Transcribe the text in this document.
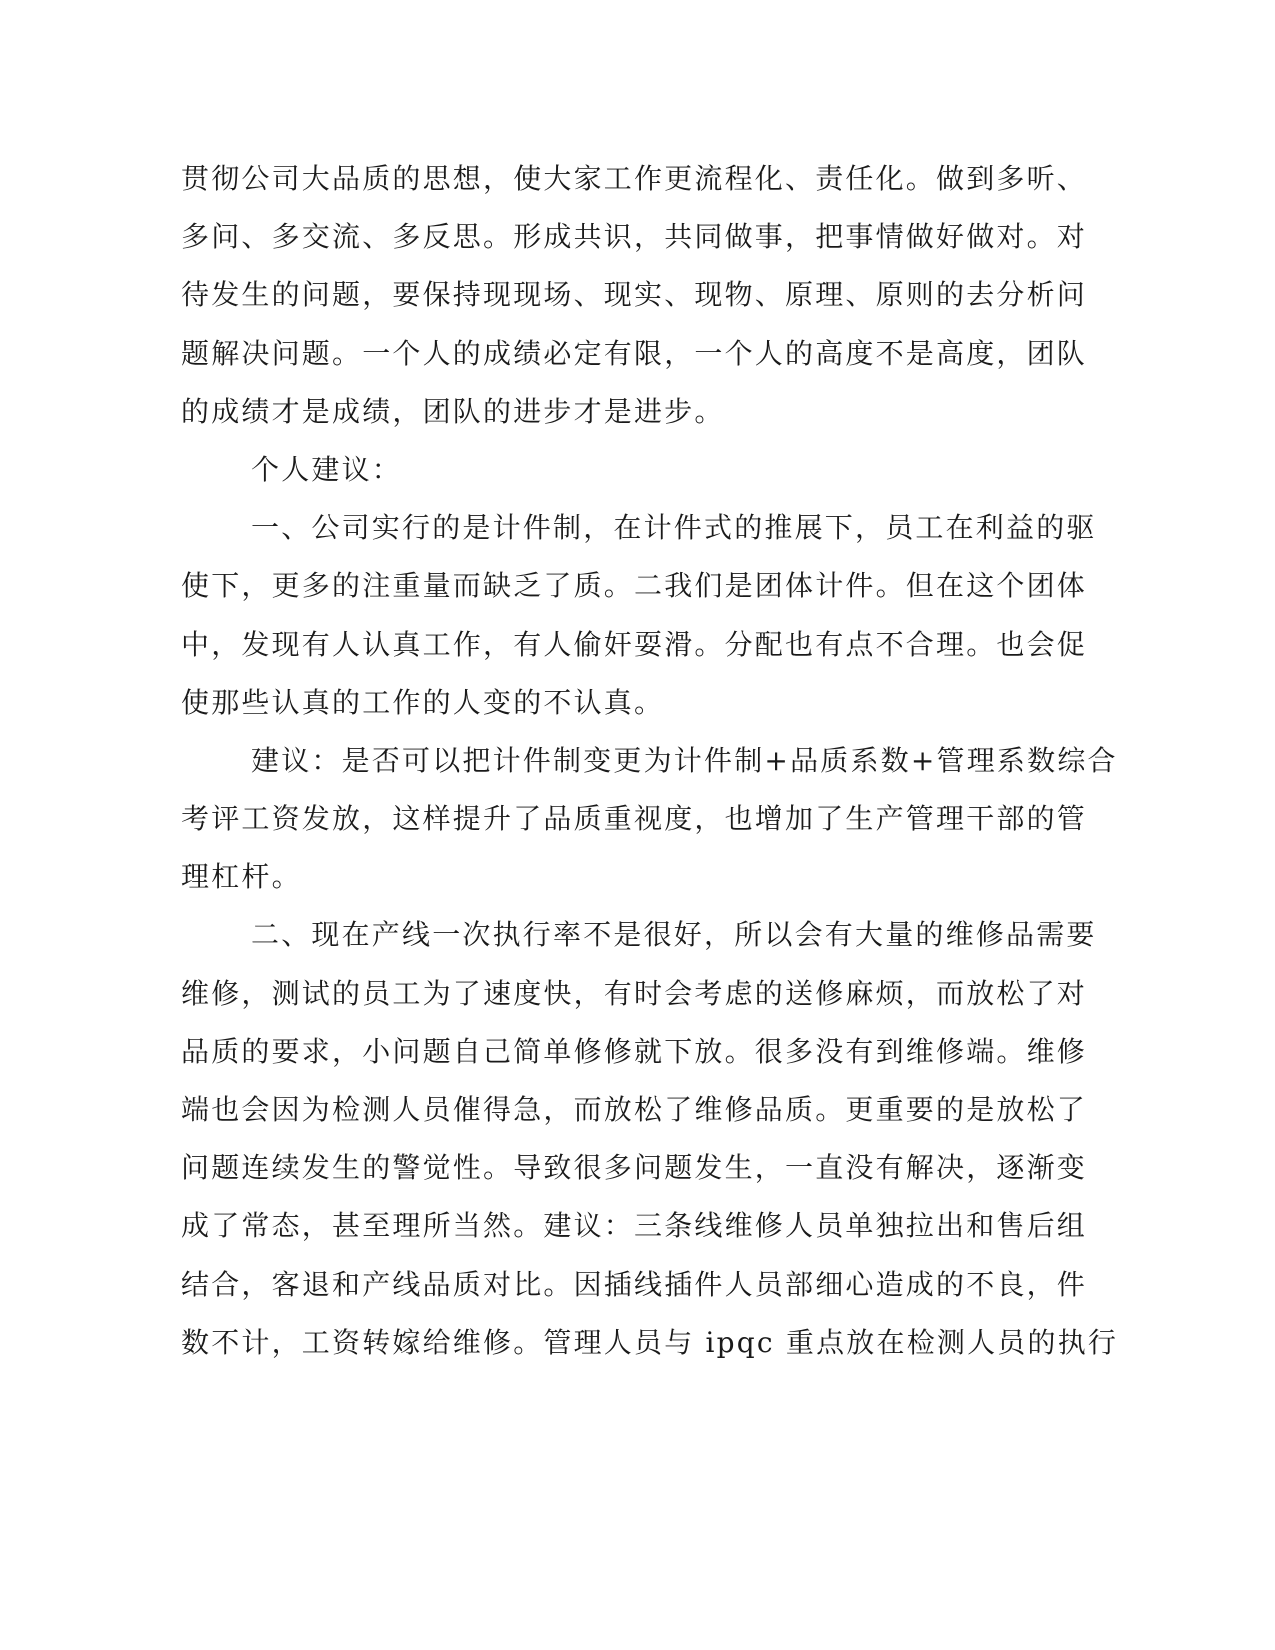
贯彻公司大品质的思想，使大家工作更流程化、责任化。做到多听、
多问、多交流、多反思。形成共识，共同做事，把事情做好做对。对
待发生的问题，要保持现现场、现实、现物、原理、原则的去分析问
题解决问题。一个人的成绩必定有限，一个人的高度不是高度，团队
的成绩才是成绩，团队的进步才是进步。
个人建议：
一、公司实行的是计件制，在计件式的推展下，员工在利益的驱
使下，更多的注重量而缺乏了质。二我们是团体计件。但在这个团体
中，发现有人认真工作，有人偷奸耍滑。分配也有点不合理。也会促
使那些认真的工作的人变的不认真。
建议：是否可以把计件制变更为计件制+品质系数+管理系数综合
考评工资发放，这样提升了品质重视度，也增加了生产管理干部的管
理杠杆。
二、现在产线一次执行率不是很好，所以会有大量的维修品需要
维修，测试的员工为了速度快，有时会考虑的送修麻烦，而放松了对
品质的要求，小问题自己简单修修就下放。很多没有到维修端。维修
端也会因为检测人员催得急，而放松了维修品质。更重要的是放松了
问题连续发生的警觉性。导致很多问题发生，一直没有解决，逐渐变
成了常态，甚至理所当然。建议：三条线维修人员单独拉出和售后组
结合，客退和产线品质对比。因插线插件人员部细心造成的不良，件
数不计，工资转嫁给维修。管理人员与 ipqc 重点放在检测人员的执行
